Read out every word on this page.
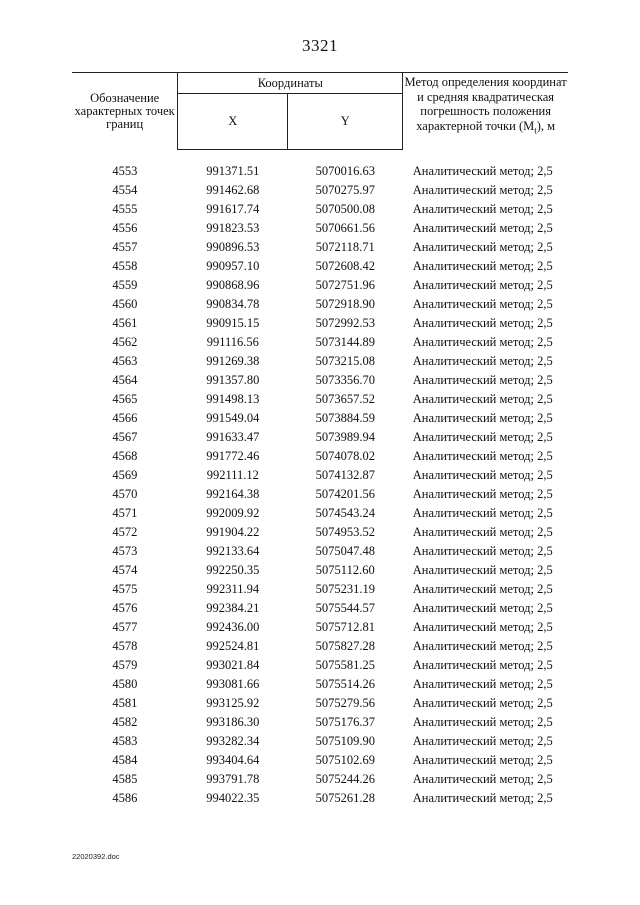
3321
Обозначение характерных точек границ	Координаты		Метод определения координат и средняя квадратическая погрешность положения характерной точки $(M_t)$, м
	X	Y	
4553	991371.51	5070016.63	Аналитический метод; 2,5
4554	991462.68	5070275.97	Аналитический метод; 2,5
4555	991617.74	5070500.08	Аналитический метод; 2,5
4556	991823.53	5070661.56	Аналитический метод; 2,5
4557	990896.53	5072118.71	Аналитический метод; 2,5
4558	990957.10	5072608.42	Аналитический метод; 2,5
4559	990868.96	5072751.96	Аналитический метод; 2,5
4560	990834.78	5072918.90	Аналитический метод; 2,5
4561	990915.15	5072992.53	Аналитический метод; 2,5
4562	991116.56	5073144.89	Аналитический метод; 2,5
4563	991269.38	5073215.08	Аналитический метод; 2,5
4564	991357.80	5073356.70	Аналитический метод; 2,5
4565	991498.13	5073657.52	Аналитический метод; 2,5
4566	991549.04	5073884.59	Аналитический метод; 2,5
4567	991633.47	5073989.94	Аналитический метод; 2,5
4568	991772.46	5074078.02	Аналитический метод; 2,5
4569	992111.12	5074132.87	Аналитический метод; 2,5
4570	992164.38	5074201.56	Аналитический метод; 2,5
4571	992009.92	5074543.24	Аналитический метод; 2,5
4572	991904.22	5074953.52	Аналитический метод; 2,5
4573	992133.64	5075047.48	Аналитический метод; 2,5
4574	992250.35	5075112.60	Аналитический метод; 2,5
4575	992311.94	5075231.19	Аналитический метод; 2,5
4576	992384.21	5075544.57	Аналитический метод; 2,5
4577	992436.00	5075712.81	Аналитический метод; 2,5
4578	992524.81	5075827.28	Аналитический метод; 2,5
4579	993021.84	5075581.25	Аналитический метод; 2,5
4580	993081.66	5075514.26	Аналитический метод; 2,5
4581	993125.92	5075279.56	Аналитический метод; 2,5
4582	993186.30	5075176.37	Аналитический метод; 2,5
4583	993282.34	5075109.90	Аналитический метод; 2,5
4584	993404.64	5075102.69	Аналитический метод; 2,5
4585	993791.78	5075244.26	Аналитический метод; 2,5
4586	994022.35	5075261.28	Аналитический метод; 2,5
22020392.doc
